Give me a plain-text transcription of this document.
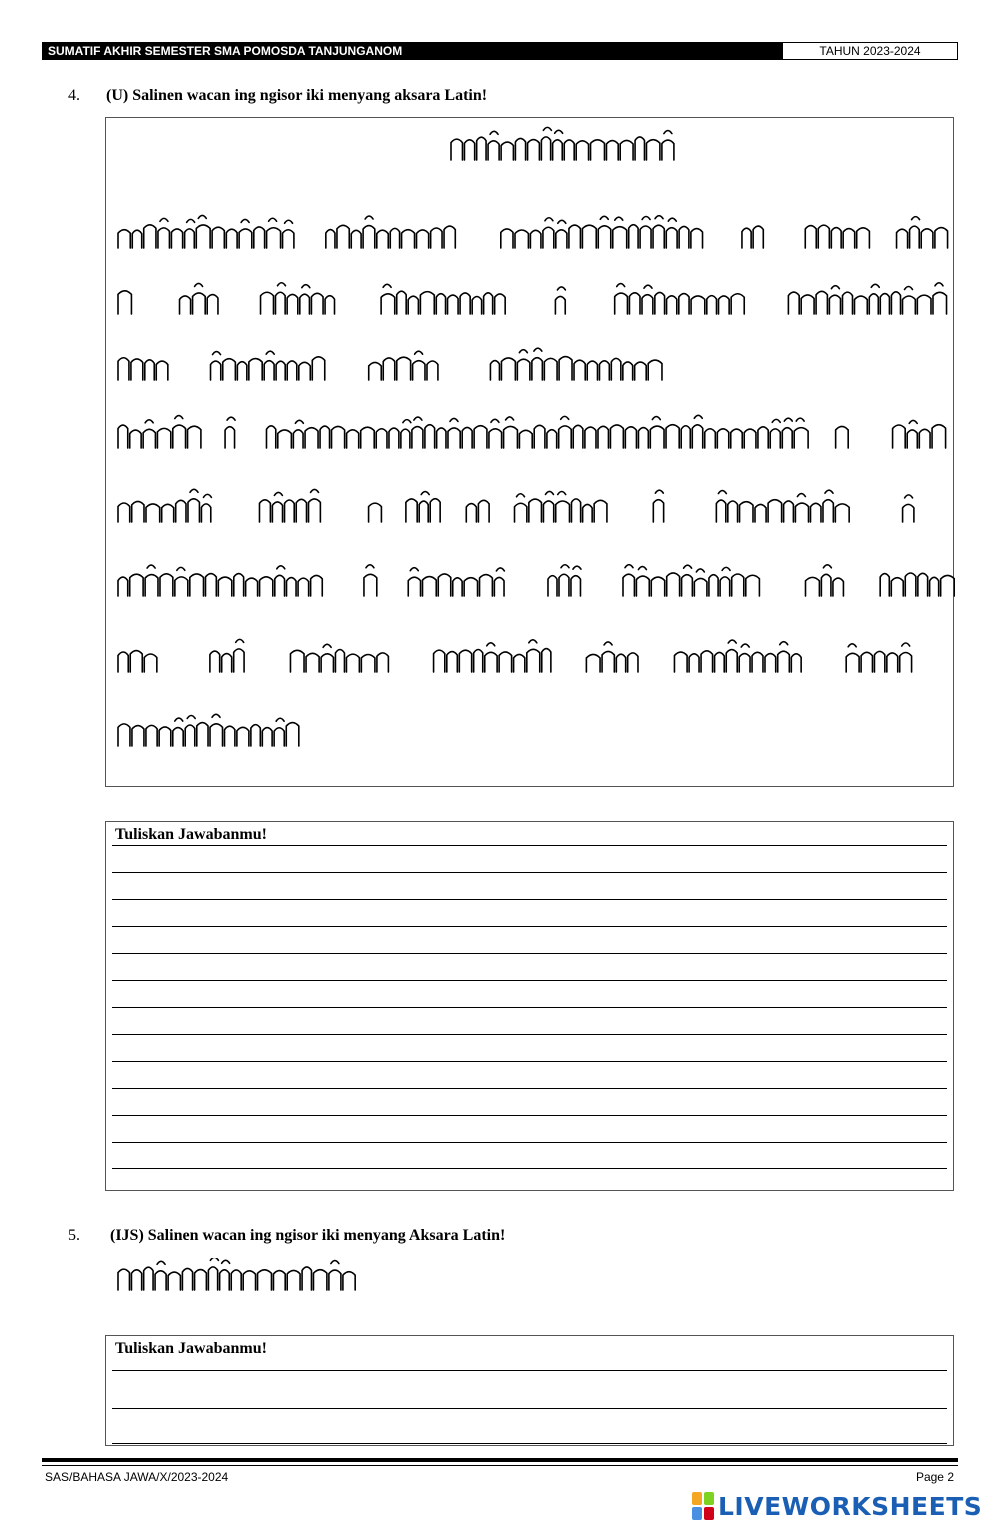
SUMATIF AKHIR SEMESTER SMA POMOSDA TANJUNGANOM	TAHUN 2023-2024
4. (U) Salinen wacan ing ngisor iki menyang aksara Latin!
Tuliskan Jawabanmu!
5. (IJS) Salinen wacan ing ngisor iki menyang Aksara Latin!
Tuliskan Jawabanmu!
SAS/BAHASA JAWA/X/2023-2024	Page 2
LIVEWORKSHEETS
